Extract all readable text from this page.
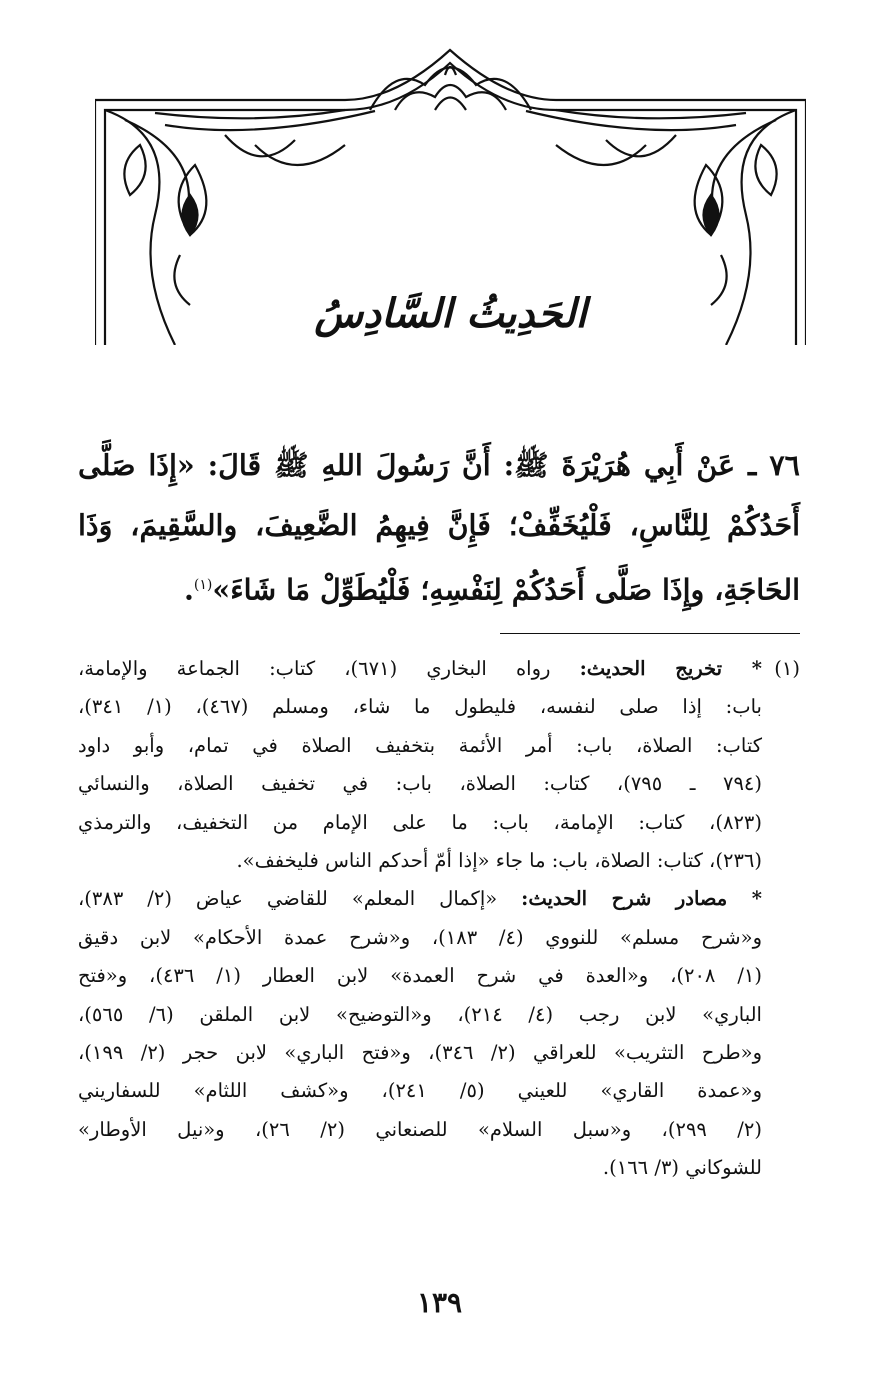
الحَدِيثُ السَّادِسُ
٧٦ ـ عَنْ أَبِي هُرَيْرَةَ ﷺ: أَنَّ رَسُولَ اللهِ ﷺ قَالَ: «إِذَا صَلَّى أَحَدُكُمْ لِلنَّاسِ، فَلْيُخَفِّفْ؛ فَإِنَّ فِيهِمُ الضَّعِيفَ، والسَّقِيمَ، وَذَا الحَاجَةِ، وإِذَا صَلَّى أَحَدُكُمْ لِنَفْسِهِ؛ فَلْيُطَوِّلْ مَا شَاءَ»$^{(١)}$.
(١)* تخريج الحديث: رواه البخاري (٦٧١)، كتاب: الجماعة والإمامة،
باب: إذا صلى لنفسه، فليطول ما شاء، ومسلم (٤٦٧)، (١/ ٣٤١)،
كتاب: الصلاة، باب: أمر الأئمة بتخفيف الصلاة في تمام، وأبو داود
(٧٩٤ ـ ٧٩٥)، كتاب: الصلاة، باب: في تخفيف الصلاة، والنسائي
(٨٢٣)، كتاب: الإمامة، باب: ما على الإمام من التخفيف، والترمذي
(٢٣٦)، كتاب: الصلاة، باب: ما جاء «إذا أمّ أحدكم الناس فليخفف».
* مصادر شرح الحديث: «إكمال المعلم» للقاضي عياض (٢/ ٣٨٣)،
و«شرح مسلم» للنووي (٤/ ١٨٣)، و«شرح عمدة الأحكام» لابن دقيق
(١/ ٢٠٨)، و«العدة في شرح العمدة» لابن العطار (١/ ٤٣٦)، و«فتح
الباري» لابن رجب (٤/ ٢١٤)، و«التوضيح» لابن الملقن (٦/ ٥٦٥)،
و«طرح التثريب» للعراقي (٢/ ٣٤٦)، و«فتح الباري» لابن حجر (٢/ ١٩٩)،
و«عمدة القاري» للعيني (٥/ ٢٤١)، و«كشف اللثام» للسفاريني
(٢/ ٢٩٩)، و«سبل السلام» للصنعاني (٢/ ٢٦)، و«نيل الأوطار»
للشوكاني (٣/ ١٦٦).
١٣٩
